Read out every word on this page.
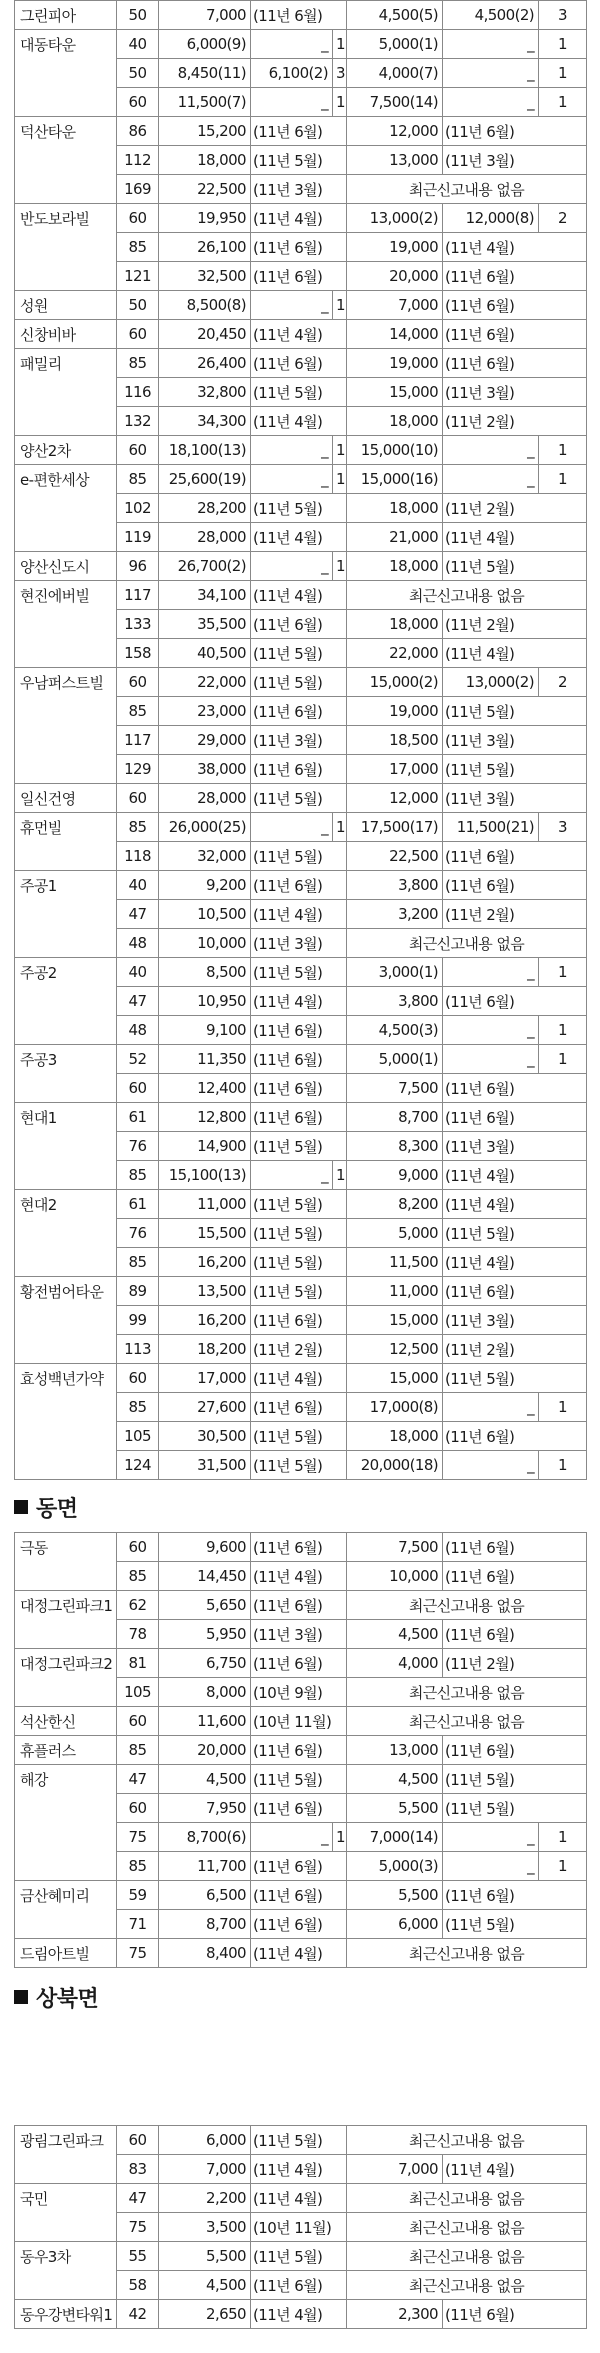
그린피아	50	7,000	(11년 6월)		4,500(5)	4,500(2)	3
대동타운	40	6,000(9)	_	1	5,000(1)	_	1
	50	8,450(11)	6,100(2)	3	4,000(7)	_	1
	60	11,500(7)	_	1	7,500(14)	_	1
덕산타운	86	15,200	(11년 6월)		12,000	(11년 6월)	
	112	18,000	(11년 5월)		13,000	(11년 3월)	
	169	22,500	(11년 3월)		최근신고내용 없음		
반도보라빌	60	19,950	(11년 4월)		13,000(2)	12,000(8)	2
	85	26,100	(11년 6월)		19,000	(11년 4월)	
	121	32,500	(11년 6월)		20,000	(11년 6월)	
성원	50	8,500(8)	_	1	7,000	(11년 6월)	
신창비바	60	20,450	(11년 4월)		14,000	(11년 6월)	
패밀리	85	26,400	(11년 6월)		19,000	(11년 6월)	
	116	32,800	(11년 5월)		15,000	(11년 3월)	
	132	34,300	(11년 4월)		18,000	(11년 2월)	
양산2차	60	18,100(13)	_	1	15,000(10)	_	1
e-편한세상	85	25,600(19)	_	1	15,000(16)	_	1
	102	28,200	(11년 5월)		18,000	(11년 2월)	
	119	28,000	(11년 4월)		21,000	(11년 4월)	
양산신도시	96	26,700(2)	_	1	18,000	(11년 5월)	
현진에버빌	117	34,100	(11년 4월)		최근신고내용 없음		
	133	35,500	(11년 6월)		18,000	(11년 2월)	
	158	40,500	(11년 5월)		22,000	(11년 4월)	
우남퍼스트빌	60	22,000	(11년 5월)		15,000(2)	13,000(2)	2
	85	23,000	(11년 6월)		19,000	(11년 5월)	
	117	29,000	(11년 3월)		18,500	(11년 3월)	
	129	38,000	(11년 6월)		17,000	(11년 5월)	
일신건영	60	28,000	(11년 5월)		12,000	(11년 3월)	
휴먼빌	85	26,000(25)	_	1	17,500(17)	11,500(21)	3
	118	32,000	(11년 5월)		22,500	(11년 6월)	
주공1	40	9,200	(11년 6월)		3,800	(11년 6월)	
	47	10,500	(11년 4월)		3,200	(11년 2월)	
	48	10,000	(11년 3월)		최근신고내용 없음		
주공2	40	8,500	(11년 5월)		3,000(1)	_	1
	47	10,950	(11년 4월)		3,800	(11년 6월)	
	48	9,100	(11년 6월)		4,500(3)	_	1
주공3	52	11,350	(11년 6월)		5,000(1)	_	1
	60	12,400	(11년 6월)		7,500	(11년 6월)	
현대1	61	12,800	(11년 6월)		8,700	(11년 6월)	
	76	14,900	(11년 5월)		8,300	(11년 3월)	
	85	15,100(13)	_	1	9,000	(11년 4월)	
현대2	61	11,000	(11년 5월)		8,200	(11년 4월)	
	76	15,500	(11년 5월)		5,000	(11년 5월)	
	85	16,200	(11년 5월)		11,500	(11년 4월)	
황전범어타운	89	13,500	(11년 5월)		11,000	(11년 6월)	
	99	16,200	(11년 6월)		15,000	(11년 3월)	
	113	18,200	(11년 2월)		12,500	(11년 2월)	
효성백년가약	60	17,000	(11년 4월)		15,000	(11년 5월)	
	85	27,600	(11년 6월)		17,000(8)	_	1
	105	30,500	(11년 5월)		18,000	(11년 6월)	
	124	31,500	(11년 5월)		20,000(18)	_	1
동면
극동	60	9,600	(11년 6월)		7,500	(11년 6월)	
	85	14,450	(11년 4월)		10,000	(11년 6월)	
대정그린파크1	62	5,650	(11년 6월)		최근신고내용 없음		
	78	5,950	(11년 3월)		4,500	(11년 6월)	
대정그린파크2	81	6,750	(11년 6월)		4,000	(11년 2월)	
	105	8,000	(10년 9월)		최근신고내용 없음		
석산한신	60	11,600	(10년 11월)		최근신고내용 없음		
휴플러스	85	20,000	(11년 6월)		13,000	(11년 6월)	
해강	47	4,500	(11년 5월)		4,500	(11년 5월)	
	60	7,950	(11년 6월)		5,500	(11년 5월)	
	75	8,700(6)	_	1	7,000(14)	_	1
	85	11,700	(11년 6월)		5,000(3)	_	1
금산혜미리	59	6,500	(11년 6월)		5,500	(11년 6월)	
	71	8,700	(11년 6월)		6,000	(11년 5월)	
드림아트빌	75	8,400	(11년 4월)		최근신고내용 없음		
상북면
광림그린파크	60	6,000	(11년 5월)	최근신고내용 없음	
	83	7,000	(11년 4월)	7,000	(11년 4월)
국민	47	2,200	(11년 4월)	최근신고내용 없음	
	75	3,500	(10년 11월)	최근신고내용 없음	
동우3차	55	5,500	(11년 5월)	최근신고내용 없음	
	58	4,500	(11년 6월)	최근신고내용 없음	
동우강변타워1	42	2,650	(11년 4월)	2,300	(11년 6월)
